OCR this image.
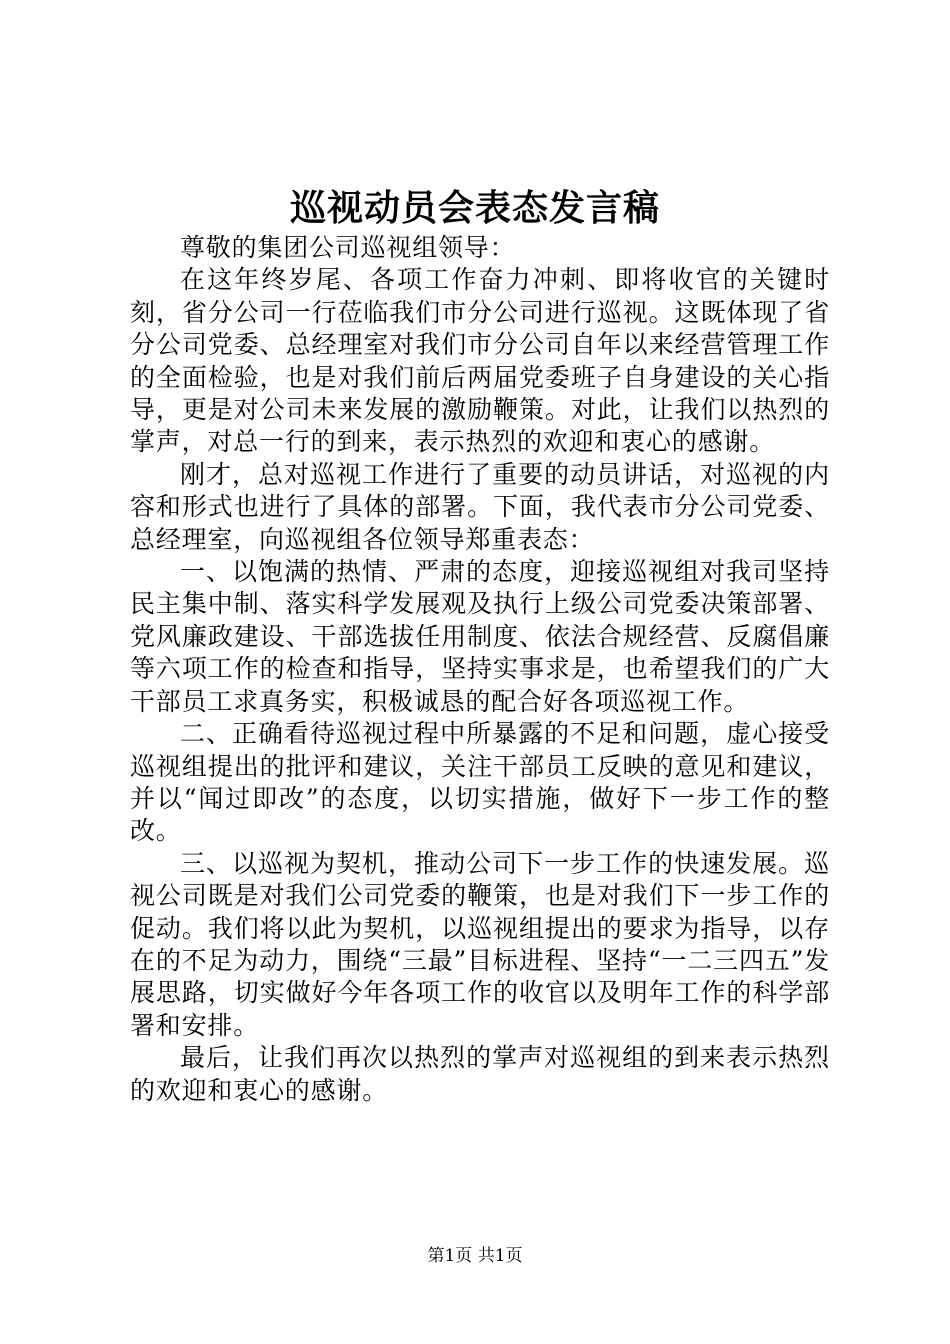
巡视动员会表态发言稿

尊敬的集团公司巡视组领导：

在这年终岁尾、各项工作奋力冲刺、即将收官的关键时刻，省分公司一行莅临我们市分公司进行巡视。这既体现了省分公司党委、总经理室对我们市分公司自年以来经营管理工作的全面检验，也是对我们前后两届党委班子自身建设的关心指导，更是对公司未来发展的激励鞭策。对此，让我们以热烈的掌声，对总一行的到来，表示热烈的欢迎和衷心的感谢。

刚才，总对巡视工作进行了重要的动员讲话，对巡视的内容和形式也进行了具体的部署。下面，我代表市分公司党委、总经理室，向巡视组各位领导郑重表态：

一、以饱满的热情、严肃的态度，迎接巡视组对我司坚持民主集中制、落实科学发展观及执行上级公司党委决策部署、党风廉政建设、干部选拔任用制度、依法合规经营、反腐倡廉等六项工作的检查和指导，坚持实事求是，也希望我们的广大干部员工求真务实，积极诚恳的配合好各项巡视工作。

二、正确看待巡视过程中所暴露的不足和问题，虚心接受巡视组提出的批评和建议，关注干部员工反映的意见和建议，并以“闻过即改”的态度，以切实措施，做好下一步工作的整改。

三、以巡视为契机，推动公司下一步工作的快速发展。巡视公司既是对我们公司党委的鞭策，也是对我们下一步工作的促动。我们将以此为契机，以巡视组提出的要求为指导，以存在的不足为动力，围绕“三最”目标进程、坚持“一二三四五”发展思路，切实做好今年各项工作的收官以及明年工作的科学部署和安排。

最后，让我们再次以热烈的掌声对巡视组的到来表示热烈的欢迎和衷心的感谢。

第1页 共1页
